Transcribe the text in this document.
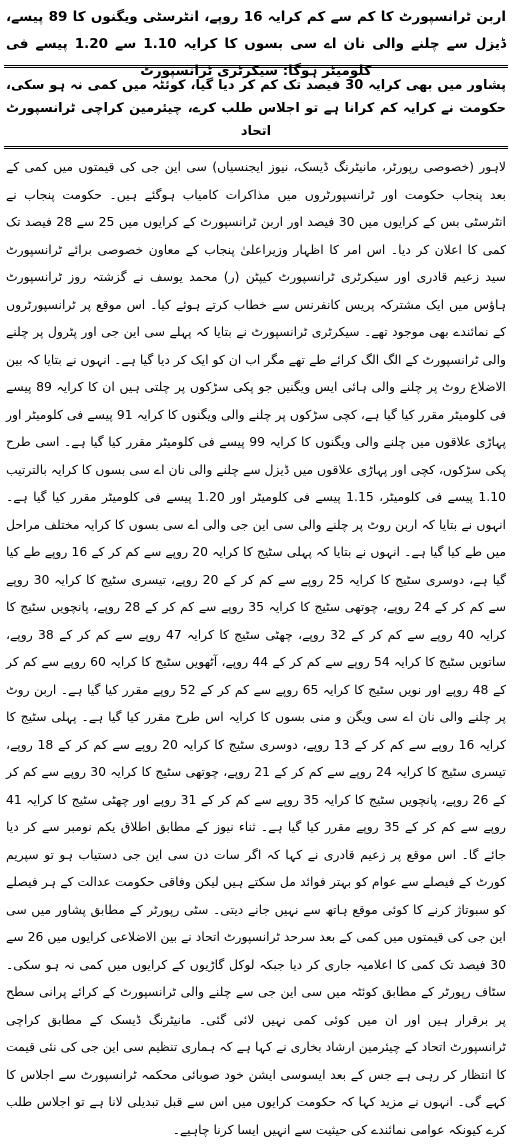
اربن ٹرانسپورٹ کا کم سے کم کرایہ 16 روپے، انٹرسٹی ویگنوں کا 89 پیسے، ڈیزل سے چلنے والی نان اے سی بسوں کا کرایہ 1.10 سے 1.20 پیسے فی کلومیٹر ہوگا: سیکرٹری ٹرانسپورٹ
پشاور میں بھی کرایہ 30 فیصد تک کم کر دیا گیا، کوئٹہ میں کمی نہ ہو سکی، حکومت نے کرایہ کم کرانا ہے تو اجلاس طلب کرے، چیئرمین کراچی ٹرانسپورٹ اتحاد

لاہور (خصوصی رپورٹر، مانیٹرنگ ڈیسک، نیوز ایجنسیاں) سی این جی کی قیمتوں میں کمی کے بعد پنجاب حکومت اور ٹرانسپورٹروں میں مذاکرات کامیاب ہوگئے ہیں۔ حکومت پنجاب نے انٹرسٹی بس کے کرایوں میں 30 فیصد اور اربن ٹرانسپورٹ کے کرایوں میں 25 سے 28 فیصد تک کمی کا اعلان کر دیا۔ اس امر کا اظہار وزیراعلیٰ پنجاب کے معاون خصوصی برائے ٹرانسپورٹ سید زعیم قادری اور سیکرٹری ٹرانسپورٹ کیپٹن (ر) محمد یوسف نے گزشتہ روز ٹرانسپورٹ ہاؤس میں ایک مشترکہ پریس کانفرنس سے خطاب کرتے ہوئے کیا۔ اس موقع پر ٹرانسپورٹروں کے نمائندے بھی موجود تھے۔ سیکرٹری ٹرانسپورٹ نے بتایا کہ پہلے سی این جی اور پٹرول پر چلنے والی ٹرانسپورٹ کے الگ الگ کرائے طے تھے مگر اب ان کو ایک کر دیا گیا ہے۔ انہوں نے بتایا کہ بین الاضلاع روٹ پر چلنے والی ہائی ایس ویگنیں جو پکی سڑکوں پر چلتی ہیں ان کا کرایہ 89 پیسے فی کلومیٹر مقرر کیا گیا ہے، کچی سڑکوں پر چلنے والی ویگنوں کا کرایہ 91 پیسے فی کلومیٹر اور پہاڑی علاقوں میں چلنے والی ویگنوں کا کرایہ 99 پیسے فی کلومیٹر مقرر کیا گیا ہے۔ اسی طرح پکی سڑکوں، کچی اور پہاڑی علاقوں میں ڈیزل سے چلنے والی نان اے سی بسوں کا کرایہ بالترتیب 1.10 پیسے فی کلومیٹر، 1.15 پیسے فی کلومیٹر اور 1.20 پیسے فی کلومیٹر مقرر کیا گیا ہے۔ انہوں نے بتایا کہ اربن روٹ پر چلنے والی سی این جی والی اے سی بسوں کا کرایہ مختلف مراحل میں طے کیا گیا ہے۔ انہوں نے بتایا کہ پہلی سٹیج کا کرایہ 20 روپے سے کم کر کے 16 روپے طے کیا گیا ہے، دوسری سٹیج کا کرایہ 25 روپے سے کم کر کے 20 روپے، تیسری سٹیج کا کرایہ 30 روپے سے کم کر کے 24 روپے، چوتھی سٹیج کا کرایہ 35 روپے سے کم کر کے 28 روپے، پانچویں سٹیج کا کرایہ 40 روپے سے کم کر کے 32 روپے، چھٹی سٹیج کا کرایہ 47 روپے سے کم کر کے 38 روپے، ساتویں سٹیج کا کرایہ 54 روپے سے کم کر کے 44 روپے، آٹھویں سٹیج کا کرایہ 60 روپے سے کم کر کے 48 روپے اور نویں سٹیج کا کرایہ 65 روپے سے کم کر کے 52 روپے مقرر کیا گیا ہے۔ اربن روٹ پر چلنے والی نان اے سی ویگن و منی بسوں کا کرایہ اس طرح مقرر کیا گیا ہے۔ پہلی سٹیج کا کرایہ 16 روپے سے کم کر کے 13 روپے، دوسری سٹیج کا کرایہ 20 روپے سے کم کر کے 18 روپے، تیسری سٹیج کا کرایہ 24 روپے سے کم کر کے 21 روپے، چوتھی سٹیج کا کرایہ 30 روپے سے کم کر کے 26 روپے، پانچویں سٹیج کا کرایہ 35 روپے سے کم کر کے 31 روپے اور چھٹی سٹیج کا کرایہ 41 روپے سے کم کر کے 35 روپے مقرر کیا گیا ہے۔ ثناء نیوز کے مطابق اطلاق یکم نومبر سے کر دیا جائے گا۔ اس موقع پر زعیم قادری نے کہا کہ اگر سات دن سی این جی دستیاب ہو تو سپریم کورٹ کے فیصلے سے عوام کو بہتر فوائد مل سکتے ہیں لیکن وفاقی حکومت عدالت کے ہر فیصلے کو سبوتاژ کرنے کا کوئی موقع ہاتھ سے نہیں جانے دیتی۔ سٹی رپورٹر کے مطابق پشاور میں سی این جی کی قیمتوں میں کمی کے بعد سرحد ٹرانسپورٹ اتحاد نے بین الاضلاعی کرایوں میں 26 سے 30 فیصد تک کمی کا اعلامیہ جاری کر دیا جبکہ لوکل گاڑیوں کے کرایوں میں کمی نہ ہو سکی۔ سٹاف رپورٹر کے مطابق کوئٹہ میں سی این جی سے چلنے والی ٹرانسپورٹ کے کرائے پرانی سطح پر برقرار ہیں اور ان میں کوئی کمی نہیں لائی گئی۔ مانیٹرنگ ڈیسک کے مطابق کراچی ٹرانسپورٹ اتحاد کے چیئرمین ارشاد بخاری نے کہا ہے کہ ہماری تنظیم سی این جی کی نئی قیمت کا انتظار کر رہی ہے جس کے بعد ایسوسی ایشن خود صوبائی محکمہ ٹرانسپورٹ سے اجلاس کا کہے گی۔ انہوں نے مزید کہا کہ حکومت کرایوں میں اس سے قبل تبدیلی لانا ہے تو اجلاس طلب کرے کیونکہ عوامی نمائندے کی حیثیت سے انہیں ایسا کرنا چاہیے۔
